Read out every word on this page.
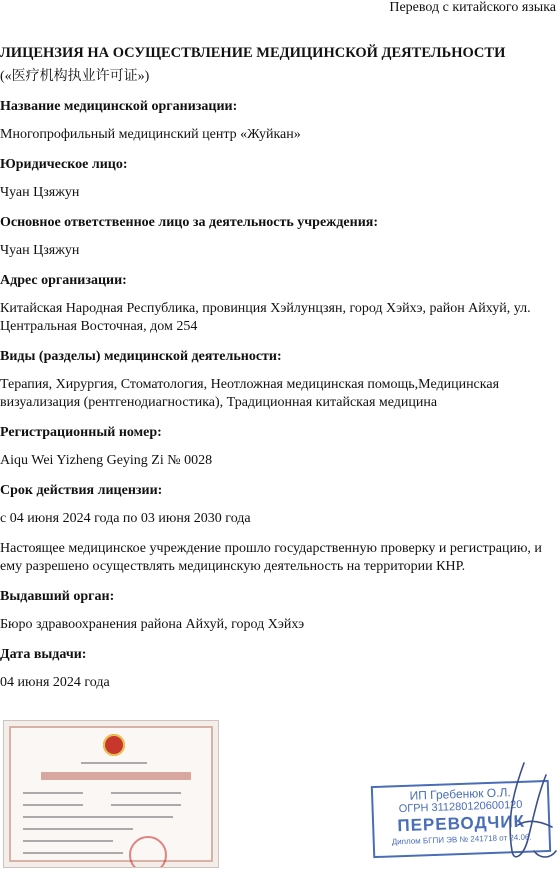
Перевод с китайского языка

ЛИЦЕНЗИЯ НА ОСУЩЕСТВЛЕНИЕ МЕДИЦИНСКОЙ ДЕЯТЕЛЬНОСТИ

(«医疗机构执业许可证»)

Название медицинской организации:

Многопрофильный медицинский центр «Жуйкан»

Юридическое лицо:

Чуан Цзяжун

Основное ответственное лицо за деятельность учреждения:

Чуан Цзяжун

Адрес организации:

Китайская Народная Республика, провинция Хэйлунцзян, город Хэйхэ, район Айхуй, ул. Центральная Восточная, дом 254

Виды (разделы) медицинской деятельности:

Терапия, Хирургия, Стоматология, Неотложная медицинская помощь,Медицинская визуализация (рентгенодиагностика), Традиционная китайская медицина

Регистрационный номер:

Aiqu Wei Yizheng Geying Zi № 0028

Срок действия лицензии:

с 04 июня 2024 года по 03 июня 2030 года

Настоящее медицинское учреждение прошло государственную проверку и регистрацию, и ему разрешено осуществлять медицинскую деятельность на территории КНР.

Выдавший орган:

Бюро здравоохранения района Айхуй, город Хэйхэ

Дата выдачи:

04 июня 2024 года

ИП Гребенюк О.Л.
ОГРН 311280120600120
ПЕРЕВОДЧИК
Диплом БГПИ ЭВ № 241718 от 24.06.
